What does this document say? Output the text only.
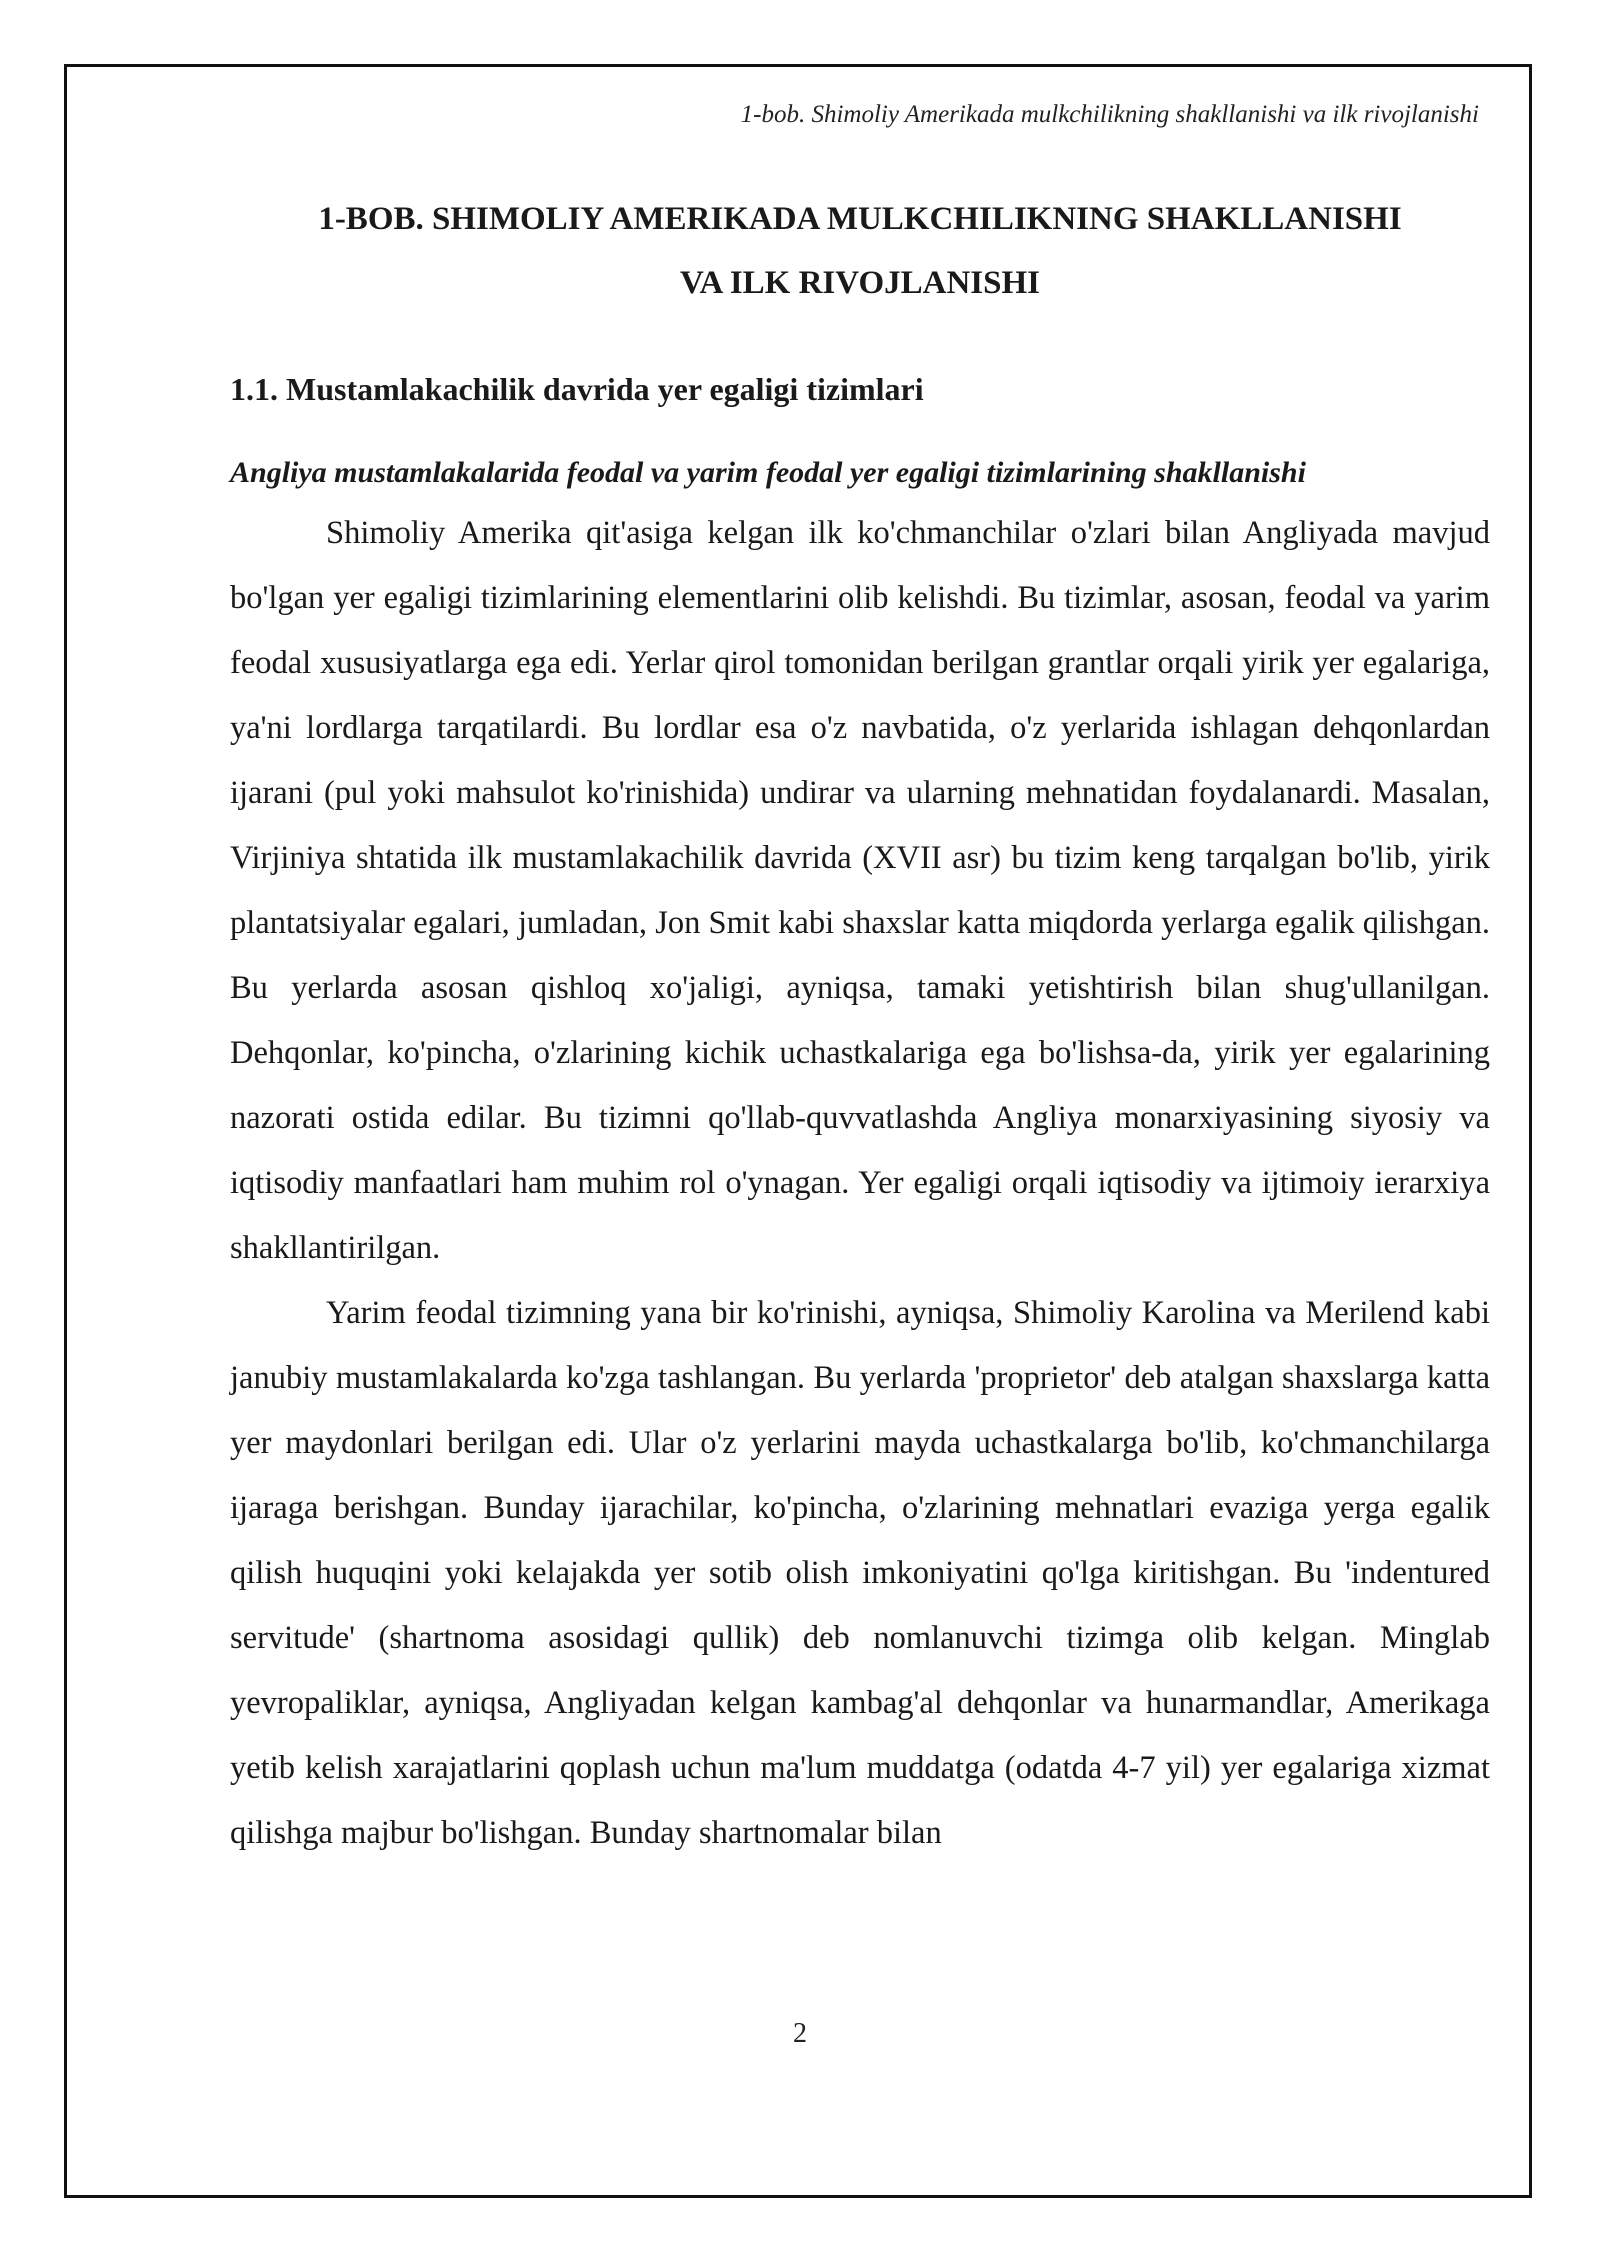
1-bob. Shimoliy Amerikada mulkchilikning shakllanishi va ilk rivojlanishi
1-BOB. SHIMOLIY AMERIKADA MULKCHILIKNING SHAKLLANISHI
VA ILK RIVOJLANISHI
1.1. Mustamlakachilik davrida yer egaligi tizimlari
Angliya mustamlakalarida feodal va yarim feodal yer egaligi tizimlarining shakllanishi

Shimoliy Amerika qit'asiga kelgan ilk ko'chmanchilar o'zlari bilan Angliyada mavjud bo'lgan yer egaligi tizimlarining elementlarini olib kelishdi. Bu tizimlar, asosan, feodal va yarim feodal xususiyatlarga ega edi. Yerlar qirol tomonidan berilgan grantlar orqali yirik yer egalariga, ya'ni lordlarga tarqatilardi. Bu lordlar esa o'z navbatida, o'z yerlarida ishlagan dehqonlardan ijarani (pul yoki mahsulot ko'rinishida) undirar va ularning mehnatidan foydalanardi. Masalan, Virjiniya shtatida ilk mustamlakachilik davrida (XVII asr) bu tizim keng tarqalgan bo'lib, yirik plantatsiyalar egalari, jumladan, Jon Smit kabi shaxslar katta miqdorda yerlarga egalik qilishgan. Bu yerlarda asosan qishloq xo'jaligi, ayniqsa, tamaki yetishtirish bilan shug'ullanilgan. Dehqonlar, ko'pincha, o'zlarining kichik uchastkalariga ega bo'lishsa-da, yirik yer egalarining nazorati ostida edilar. Bu tizimni qo'llab-quvvatlashda Angliya monarxiyasining siyosiy va iqtisodiy manfaatlari ham muhim rol o'ynagan. Yer egaligi orqali iqtisodiy va ijtimoiy ierarxiya shakllantirilgan.

Yarim feodal tizimning yana bir ko'rinishi, ayniqsa, Shimoliy Karolina va Merilend kabi janubiy mustamlakalarda ko'zga tashlangan. Bu yerlarda 'proprietor' deb atalgan shaxslarga katta yer maydonlari berilgan edi. Ular o'z yerlarini mayda uchastkalarga bo'lib, ko'chmanchilarga ijaraga berishgan. Bunday ijarachilar, ko'pincha, o'zlarining mehnatlari evaziga yerga egalik qilish huquqini yoki kelajakda yer sotib olish imkoniyatini qo'lga kiritishgan. Bu 'indentured servitude' (shartnoma asosidagi qullik) deb nomlanuvchi tizimga olib kelgan. Minglab yevropaliklar, ayniqsa, Angliyadan kelgan kambag'al dehqonlar va hunarmandlar, Amerikaga yetib kelish xarajatlarini qoplash uchun ma'lum muddatga (odatda 4-7 yil) yer egalariga xizmat qilishga majbur bo'lishgan. Bunday shartnomalar bilan

2
